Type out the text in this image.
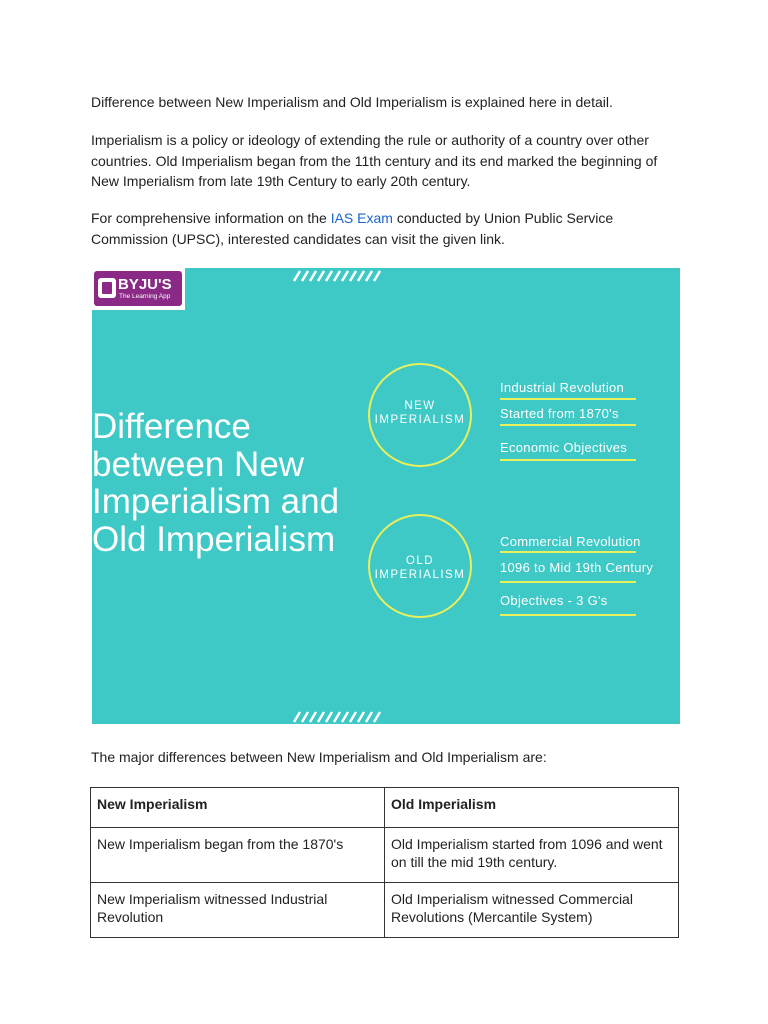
Difference between New Imperialism and Old Imperialism is explained here in detail.

Imperialism is a policy or ideology of extending the rule or authority of a country over other
countries. Old Imperialism began from the 11th century and its end marked the beginning of
New Imperialism from late 19th Century to early 20th century.

For comprehensive information on the IAS Exam conducted by Union Public Service
Commission (UPSC), interested candidates can visit the given link.

BYJU'S
The Learning App
Difference
between New
Imperialism and
Old Imperialism
NEW
IMPERIALISM
OLD
IMPERIALISM
Industrial Revolution
Started from 1870's
Economic Objectives
Commercial Revolution
1096 to Mid 19th Century
Objectives - 3 G's

The major differences between New Imperialism and Old Imperialism are:

New Imperialism	Old Imperialism

New Imperialism began from the 1870's	Old Imperialism started from 1096 and went
on till the mid 19th century.

New Imperialism witnessed Industrial
Revolution	Old Imperialism witnessed Commercial
Revolutions (Mercantile System)
